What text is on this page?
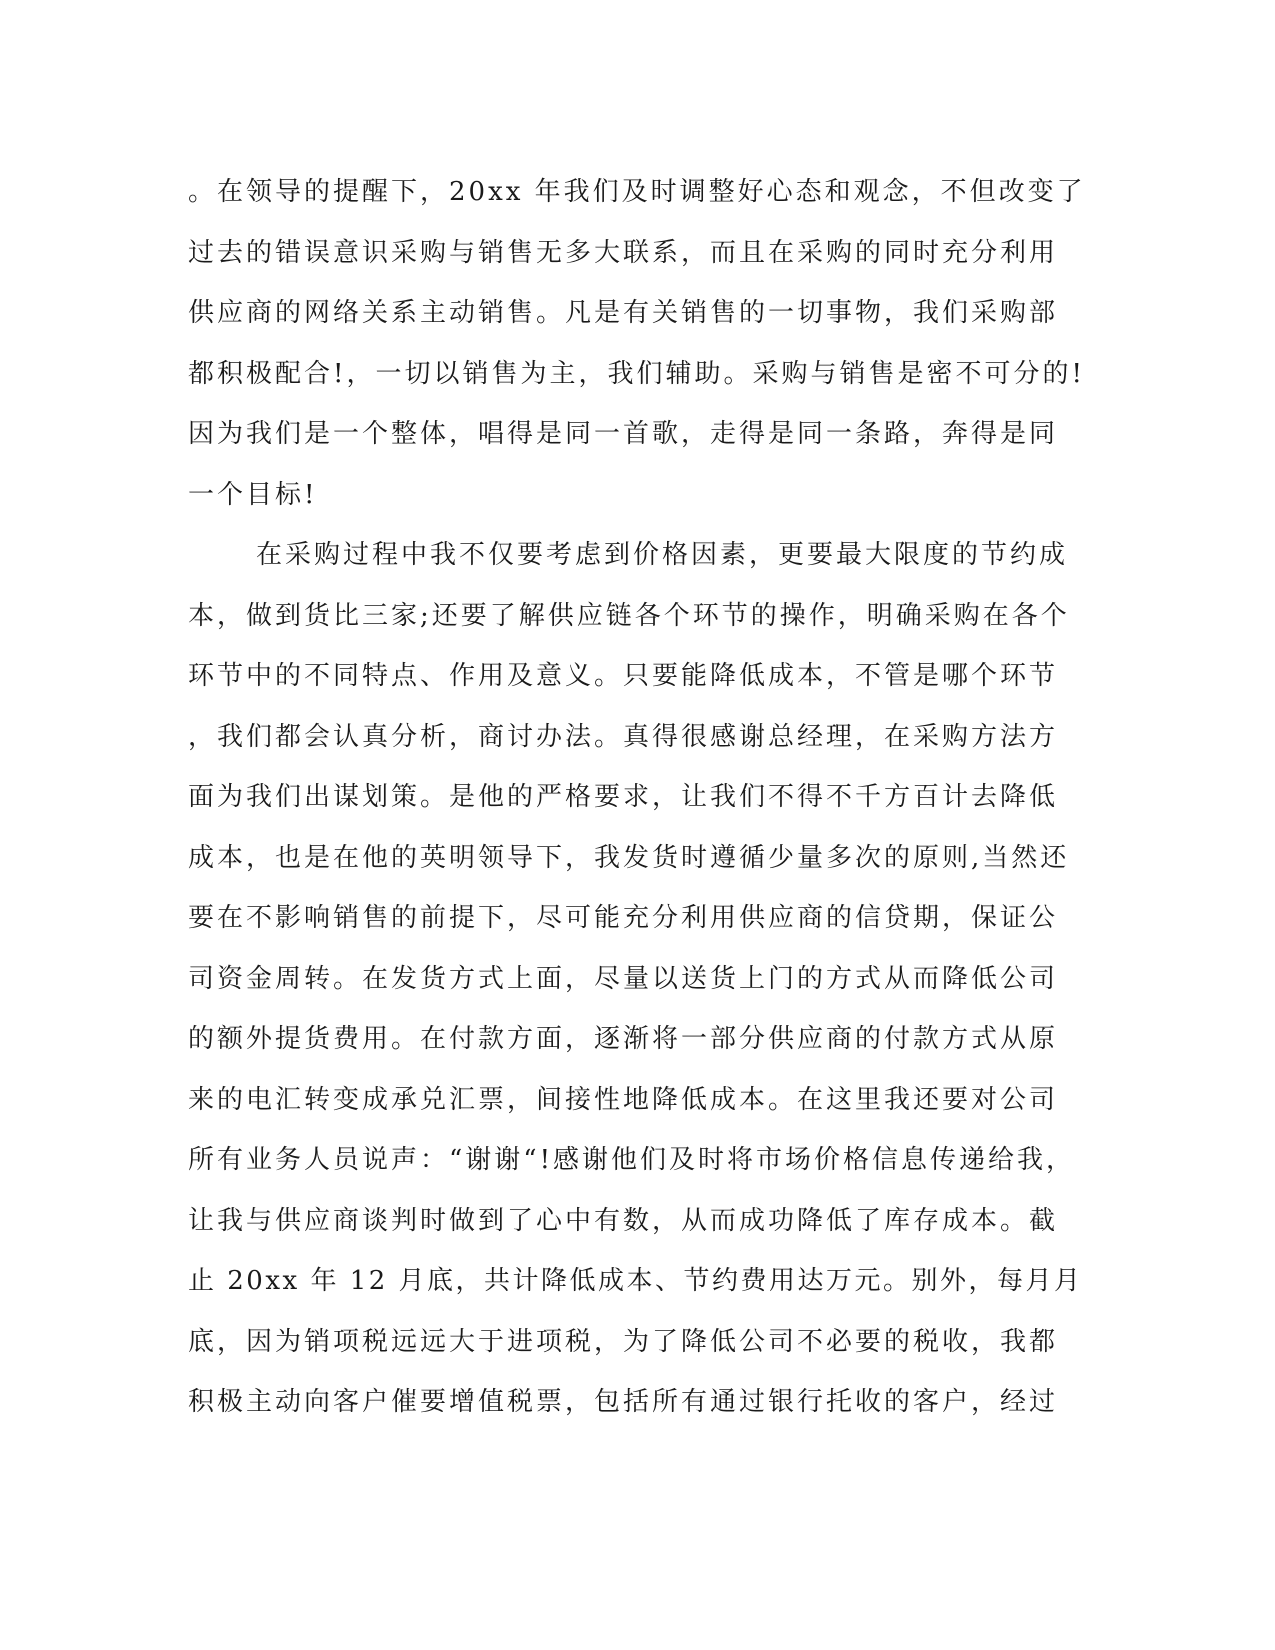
。在领导的提醒下，20xx 年我们及时调整好心态和观念，不但改变了
过去的错误意识采购与销售无多大联系，而且在采购的同时充分利用
供应商的网络关系主动销售。凡是有关销售的一切事物，我们采购部
都积极配合!，一切以销售为主，我们辅助。采购与销售是密不可分的!
因为我们是一个整体，唱得是同一首歌，走得是同一条路，奔得是同
一个目标!
在采购过程中我不仅要考虑到价格因素，更要最大限度的节约成
本，做到货比三家;还要了解供应链各个环节的操作，明确采购在各个
环节中的不同特点、作用及意义。只要能降低成本，不管是哪个环节
，我们都会认真分析，商讨办法。真得很感谢总经理，在采购方法方
面为我们出谋划策。是他的严格要求，让我们不得不千方百计去降低
成本，也是在他的英明领导下，我发货时遵循少量多次的原则,当然还
要在不影响销售的前提下，尽可能充分利用供应商的信贷期，保证公
司资金周转。在发货方式上面，尽量以送货上门的方式从而降低公司
的额外提货费用。在付款方面，逐渐将一部分供应商的付款方式从原
来的电汇转变成承兑汇票，间接性地降低成本。在这里我还要对公司
所有业务人员说声：“谢谢“!感谢他们及时将市场价格信息传递给我，
让我与供应商谈判时做到了心中有数，从而成功降低了库存成本。截
止 20xx 年 12 月底，共计降低成本、节约费用达万元。别外，每月月
底，因为销项税远远大于进项税，为了降低公司不必要的税收，我都
积极主动向客户催要增值税票，包括所有通过银行托收的客户，经过
